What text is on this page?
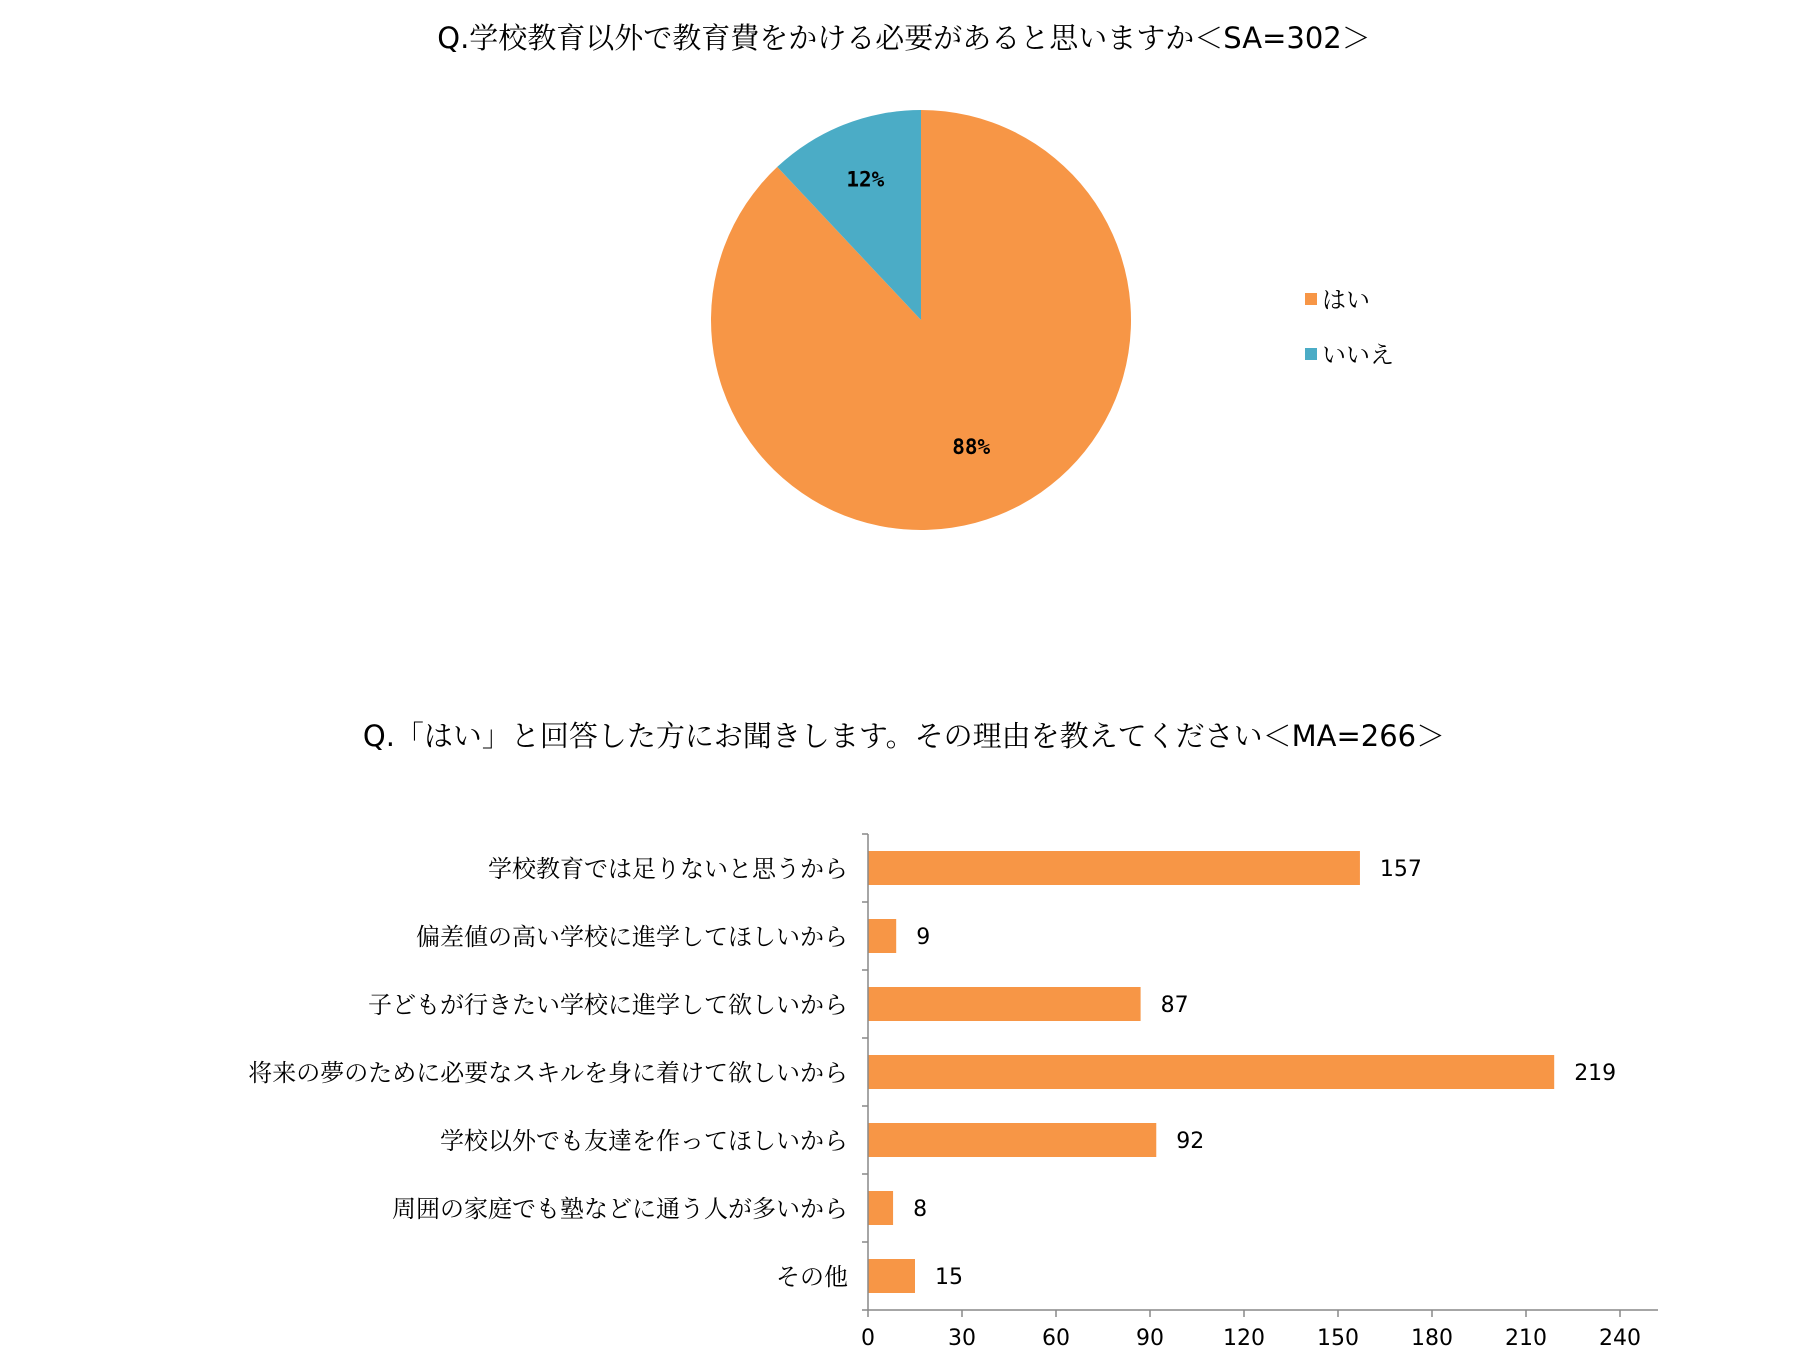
Q.学校教育以外で教育費をかける必要があると思いますか＜SA=302＞
88%
12%
はい
いいえ
Q.「はい」と回答した方にお聞きします。その理由を教えてください＜MA=266＞
学校教育では足りないと思うから
偏差値の高い学校に進学してほしいから
子どもが行きたい学校に進学して欲しいから
将来の夢のために必要なスキルを身に着けて欲しいから
学校以外でも友達を作ってほしいから
周囲の家庭でも塾などに通う人が多いから
その他
157
9
87
219
92
8
15
0	30	60	90	120 150 180 210 240
